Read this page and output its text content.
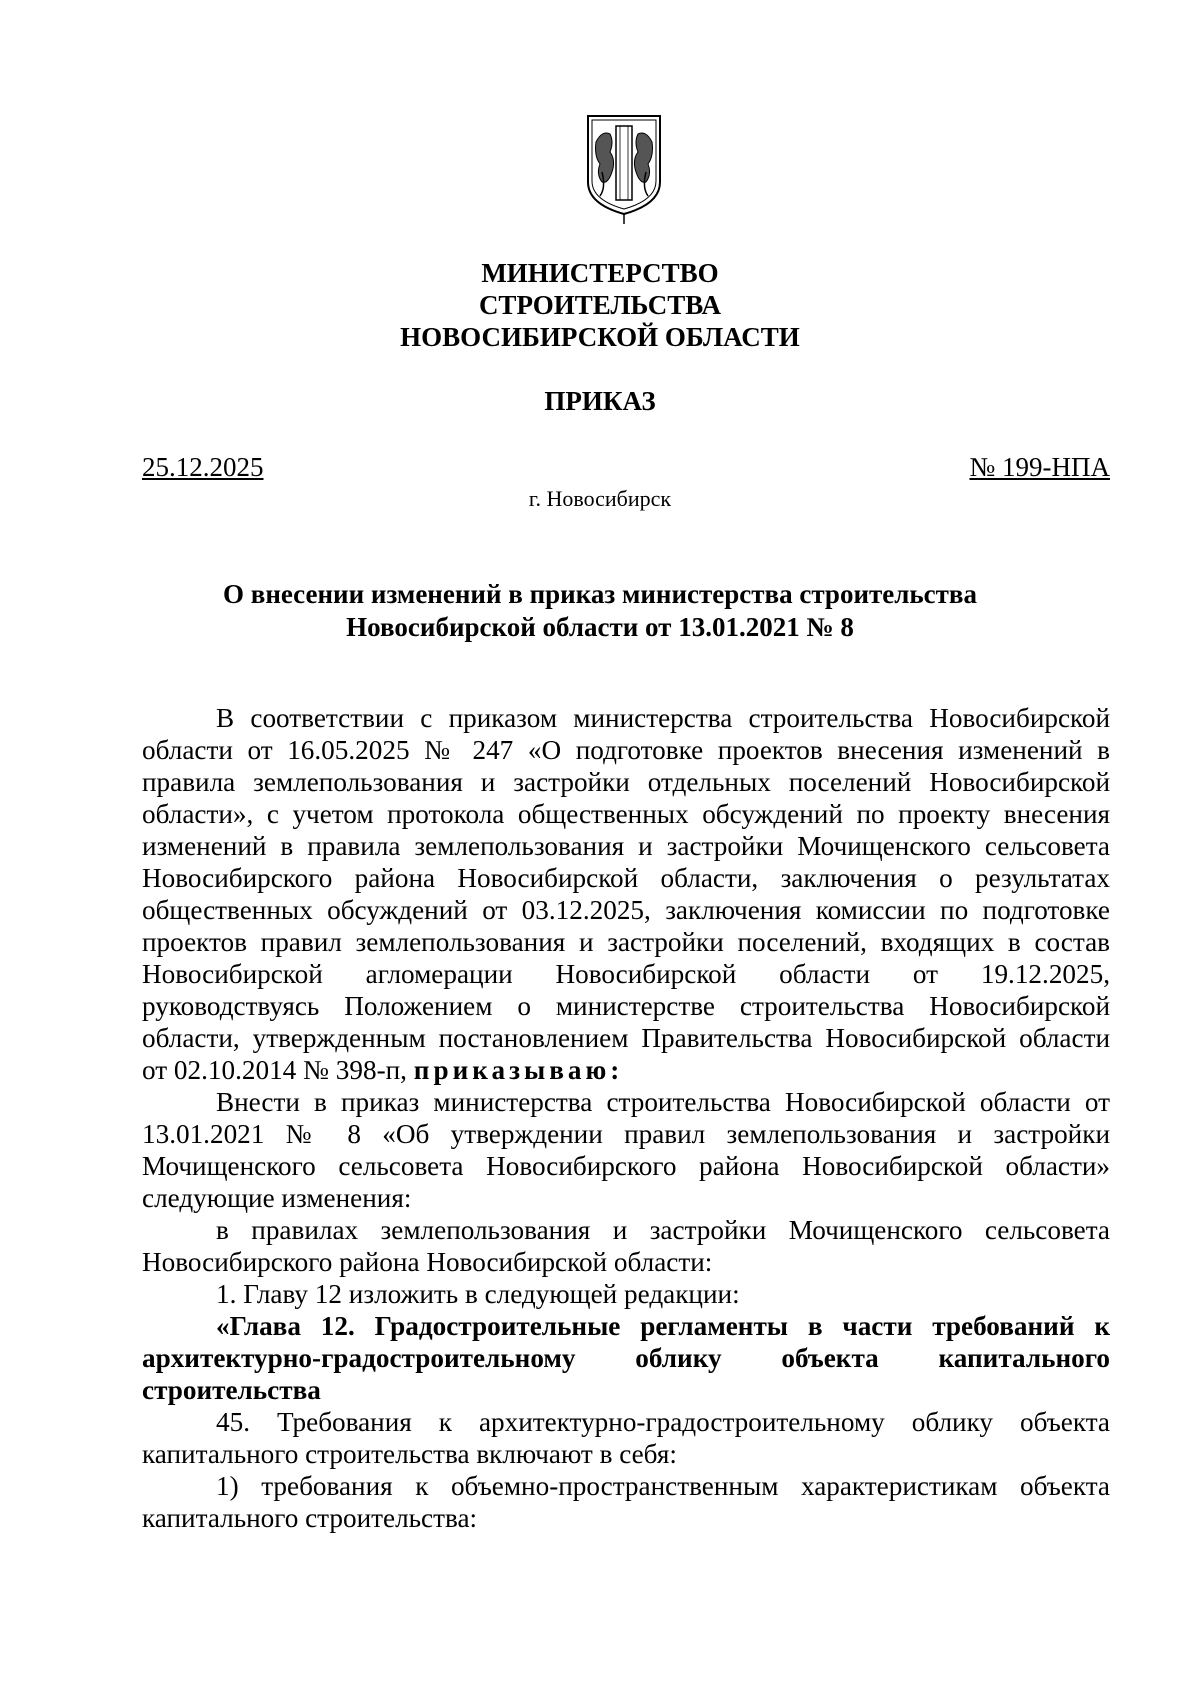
МИНИСТЕРСТВО
СТРОИТЕЛЬСТВА
НОВОСИБИРСКОЙ ОБЛАСТИ
ПРИКАЗ
25.12.2025	№ 199-НПА
г. Новосибирск
О внесении изменений в приказ министерства строительства
Новосибирской области от 13.01.2021 № 8

В соответствии с приказом министерства строительства Новосибирской области от 16.05.2025 № 247 «О подготовке проектов внесения изменений в правила землепользования и застройки отдельных поселений Новосибирской области», с учетом протокола общественных обсуждений по проекту внесения изменений в правила землепользования и застройки Мочищенского сельсовета Новосибирского района Новосибирской области, заключения о результатах общественных обсуждений от 03.12.2025, заключения комиссии по подготовке проектов правил землепользования и застройки поселений, входящих в состав Новосибирской агломерации Новосибирской области от 19.12.2025, руководствуясь Положением о министерстве строительства Новосибирской области, утвержденным постановлением Правительства Новосибирской области от 02.10.2014 № 398-п, приказываю:

Внести в приказ министерства строительства Новосибирской области от 13.01.2021 № 8 «Об утверждении правил землепользования и застройки Мочищенского сельсовета Новосибирского района Новосибирской области» следующие изменения:

в правилах землепользования и застройки Мочищенского сельсовета Новосибирского района Новосибирской области:

1. Главу 12 изложить в следующей редакции:

«Глава 12. Градостроительные регламенты в части требований к архитектурно-градостроительному облику объекта капитального строительства

45. Требования к архитектурно-градостроительному облику объекта капитального строительства включают в себя:

1) требования к объемно-пространственным характеристикам объекта капитального строительства:
